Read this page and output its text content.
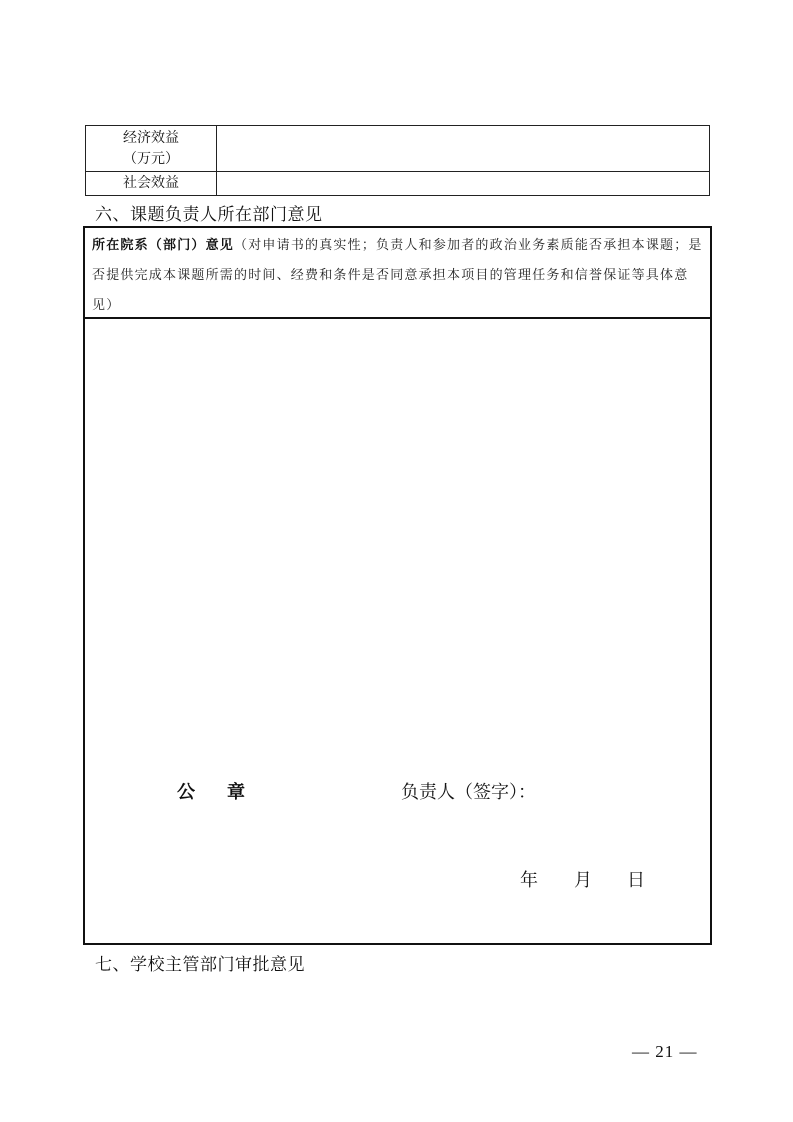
经济效益
（万元）	

社会效益	
六、课题负责人所在部门意见
所在院系（部门）意见（对申请书的真实性；负责人和参加者的政治业务素质能否承担本课题；是否提供完成本课题所需的时间、经费和条件是否同意承担本项目的管理任务和信誉保证等具体意见）
公章	负责人（签字）：
年 月 日
七、学校主管部门审批意见
— 21 —
